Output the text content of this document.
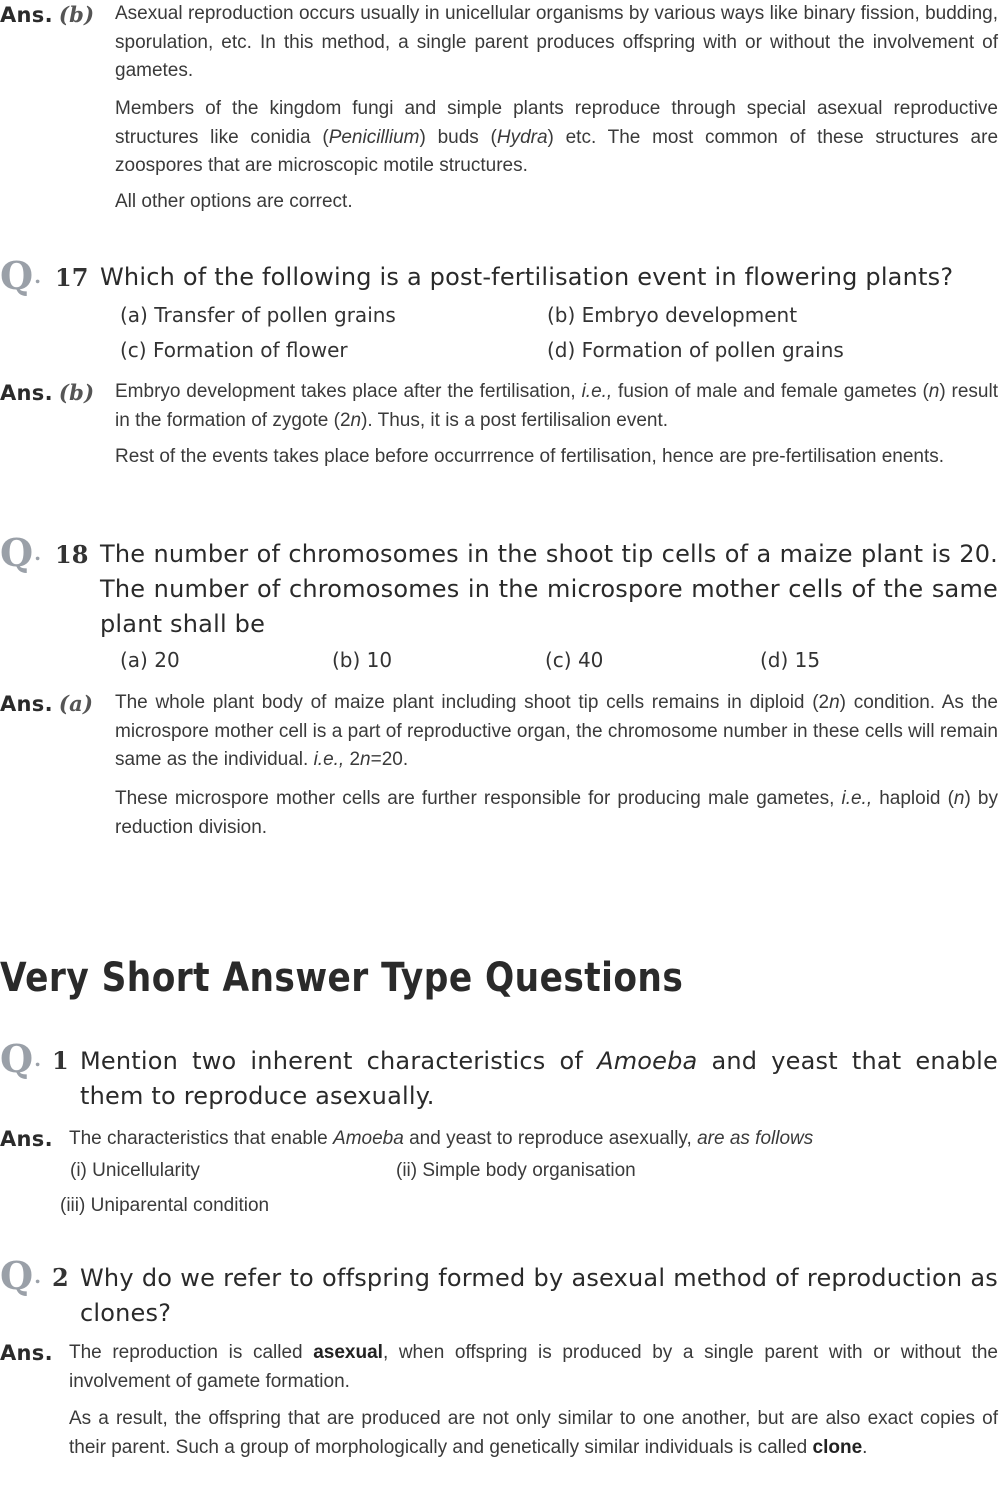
Ans. (b) Asexual reproduction occurs usually in unicellular organisms by various ways like binary fission, budding, sporulation, etc. In this method, a single parent produces offspring with or without the involvement of gametes.

Members of the kingdom fungi and simple plants reproduce through special asexual reproductive structures like conidia (Penicillium) buds (Hydra) etc. The most common of these structures are zoospores that are microscopic motile structures.

All other options are correct.

Q. 17 Which of the following is a post-fertilisation event in flowering plants?

(a) Transfer of pollen grains	(b) Embryo development
(c) Formation of flower	(d) Formation of pollen grains
Ans. (b) Embryo development takes place after the fertilisation, i.e., fusion of male and female gametes (n) result in the formation of zygote (2n). Thus, it is a post fertilisalion event.

Rest of the events takes place before occurrrence of fertilisation, hence are pre-fertilisation enents.

Q. 18 The number of chromosomes in the shoot tip cells of a maize plant is 20.
The number of chromosomes in the microspore mother cells of the same
plant shall be

(a) 20	(b) 10	(c) 40	(d) 15
Ans. (a) The whole plant body of maize plant including shoot tip cells remains in diploid (2n) condition. As the microspore mother cell is a part of reproductive organ, the chromosome number in these cells will remain same as the individual. i.e., 2n=20.

These microspore mother cells are further responsible for producing male gametes, i.e., haploid (n) by reduction division.

Very Short Answer Type Questions
Q. 1 Mention two inherent characteristics of Amoeba and yeast that enable
them to reproduce asexually.

Ans. The characteristics that enable Amoeba and yeast to reproduce asexually, are as follows

(i) Unicellularity	(ii) Simple body organisation
(iii) Uniparental condition
Q. 2 Why do we refer to offspring formed by asexual method of reproduction as
clones?

Ans. The reproduction is called asexual, when offspring is produced by a single parent with or without the involvement of gamete formation.

As a result, the offspring that are produced are not only similar to one another, but are also exact copies of their parent. Such a group of morphologically and genetically similar individuals is called clone.
